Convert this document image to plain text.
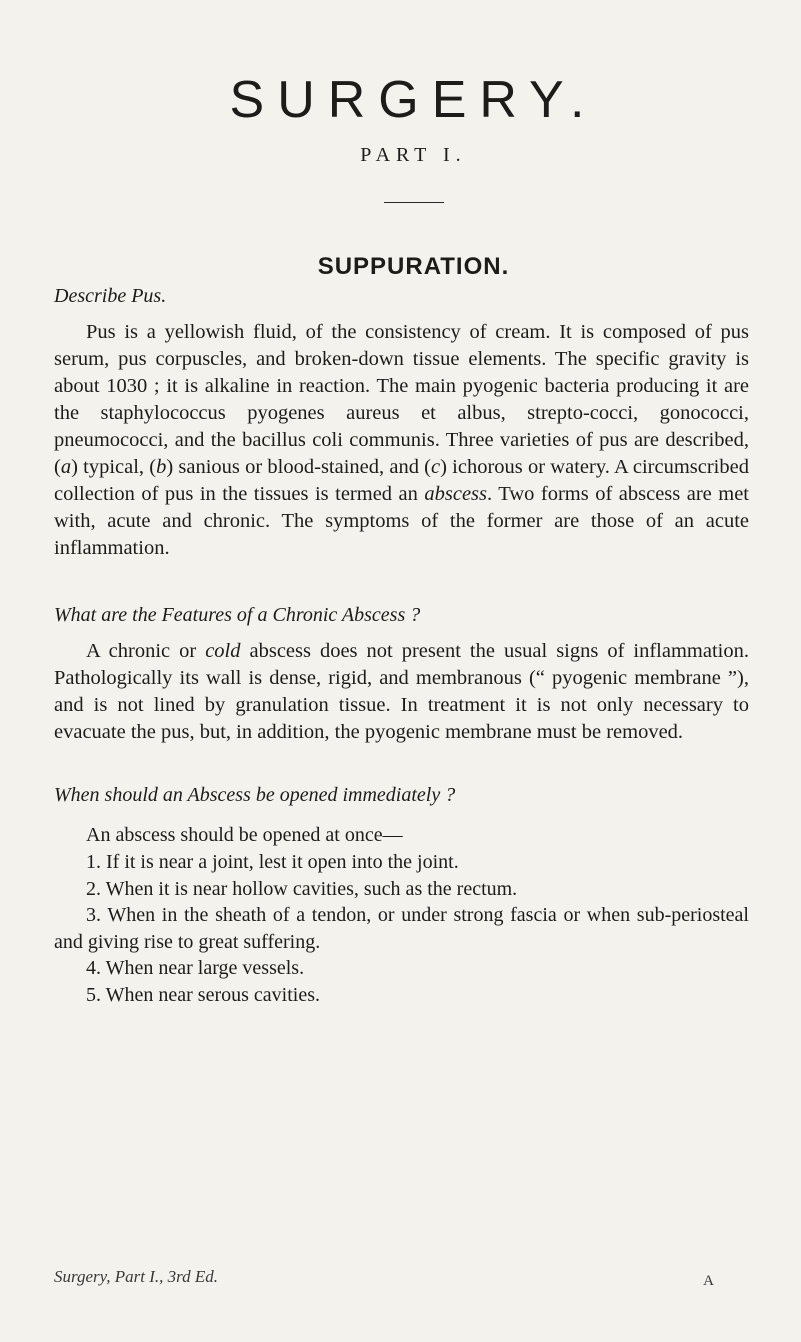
SURGERY.
PART I.
SUPPURATION.

Describe Pus.

Pus is a yellowish fluid, of the consistency of cream. It is composed of pus serum, pus corpuscles, and broken-down tissue elements. The specific gravity is about 1030 ; it is alkaline in reaction. The main pyogenic bacteria producing it are the staphylococcus pyogenes aureus et albus, strepto-cocci, gonococci, pneumococci, and the bacillus coli communis. Three varieties of pus are described, (a) typical, (b) sanious or blood-stained, and (c) ichorous or watery. A circumscribed collection of pus in the tissues is termed an abscess. Two forms of abscess are met with, acute and chronic. The symptoms of the former are those of an acute inflammation.

What are the Features of a Chronic Abscess ?

A chronic or cold abscess does not present the usual signs of inflammation. Pathologically its wall is dense, rigid, and membranous (“ pyogenic membrane ”), and is not lined by granulation tissue. In treatment it is not only necessary to evacuate the pus, but, in addition, the pyogenic membrane must be removed.

When should an Abscess be opened immediately ?

An abscess should be opened at once—

1. If it is near a joint, lest it open into the joint.
2. When it is near hollow cavities, such as the rectum.
3. When in the sheath of a tendon, or under strong fascia or when sub-periosteal and giving rise to great suffering.
4. When near large vessels.
5. When near serous cavities.
Surgery, Part I., 3rd Ed.	A
